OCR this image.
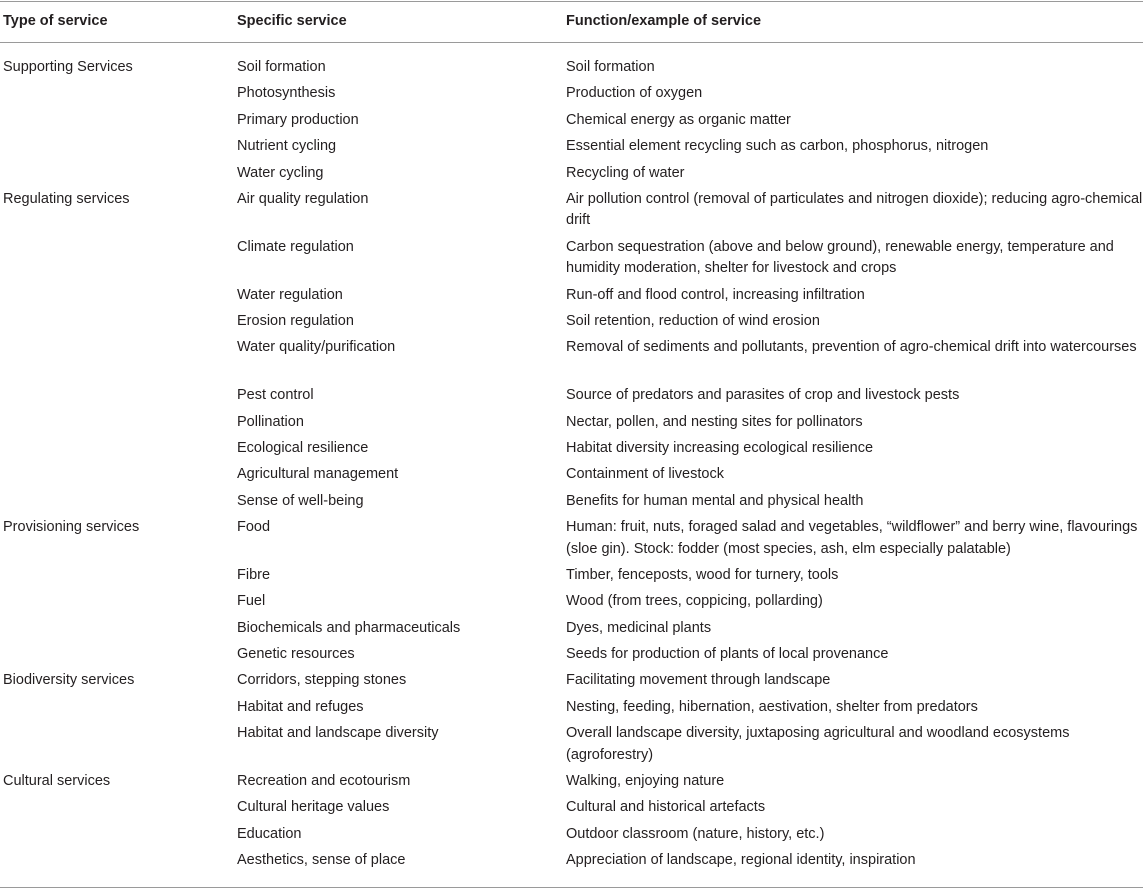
Type of service	Specific service	Function/example of service
Supporting Services	Soil formation	Soil formation
	Photosynthesis	Production of oxygen
	Primary production	Chemical energy as organic matter
	Nutrient cycling	Essential element recycling such as carbon, phosphorus, nitrogen
	Water cycling	Recycling of water
Regulating services	Air quality regulation	Air pollution control (removal of particulates and nitrogen dioxide); reducing agro-chemical drift
	Climate regulation	Carbon sequestration (above and below ground), renewable energy, temperature and humidity moderation, shelter for livestock and crops
	Water regulation	Run-off and flood control, increasing infiltration
	Erosion regulation	Soil retention, reduction of wind erosion
	Water quality/purification	Removal of sediments and pollutants, prevention of agro-chemical drift into watercourses
	Pest control	Source of predators and parasites of crop and livestock pests
	Pollination	Nectar, pollen, and nesting sites for pollinators
	Ecological resilience	Habitat diversity increasing ecological resilience
	Agricultural management	Containment of livestock
	Sense of well-being	Benefits for human mental and physical health
Provisioning services	Food	Human: fruit, nuts, foraged salad and vegetables, “wildflower” and berry wine, flavourings (sloe gin). Stock: fodder (most species, ash, elm especially palatable)
	Fibre	Timber, fenceposts, wood for turnery, tools
	Fuel	Wood (from trees, coppicing, pollarding)
	Biochemicals and pharmaceuticals	Dyes, medicinal plants
	Genetic resources	Seeds for production of plants of local provenance
Biodiversity services	Corridors, stepping stones	Facilitating movement through landscape
	Habitat and refuges	Nesting, feeding, hibernation, aestivation, shelter from predators
	Habitat and landscape diversity	Overall landscape diversity, juxtaposing agricultural and woodland ecosystems (agroforestry)
Cultural services	Recreation and ecotourism	Walking, enjoying nature
	Cultural heritage values	Cultural and historical artefacts
	Education	Outdoor classroom (nature, history, etc.)
	Aesthetics, sense of place	Appreciation of landscape, regional identity, inspiration
